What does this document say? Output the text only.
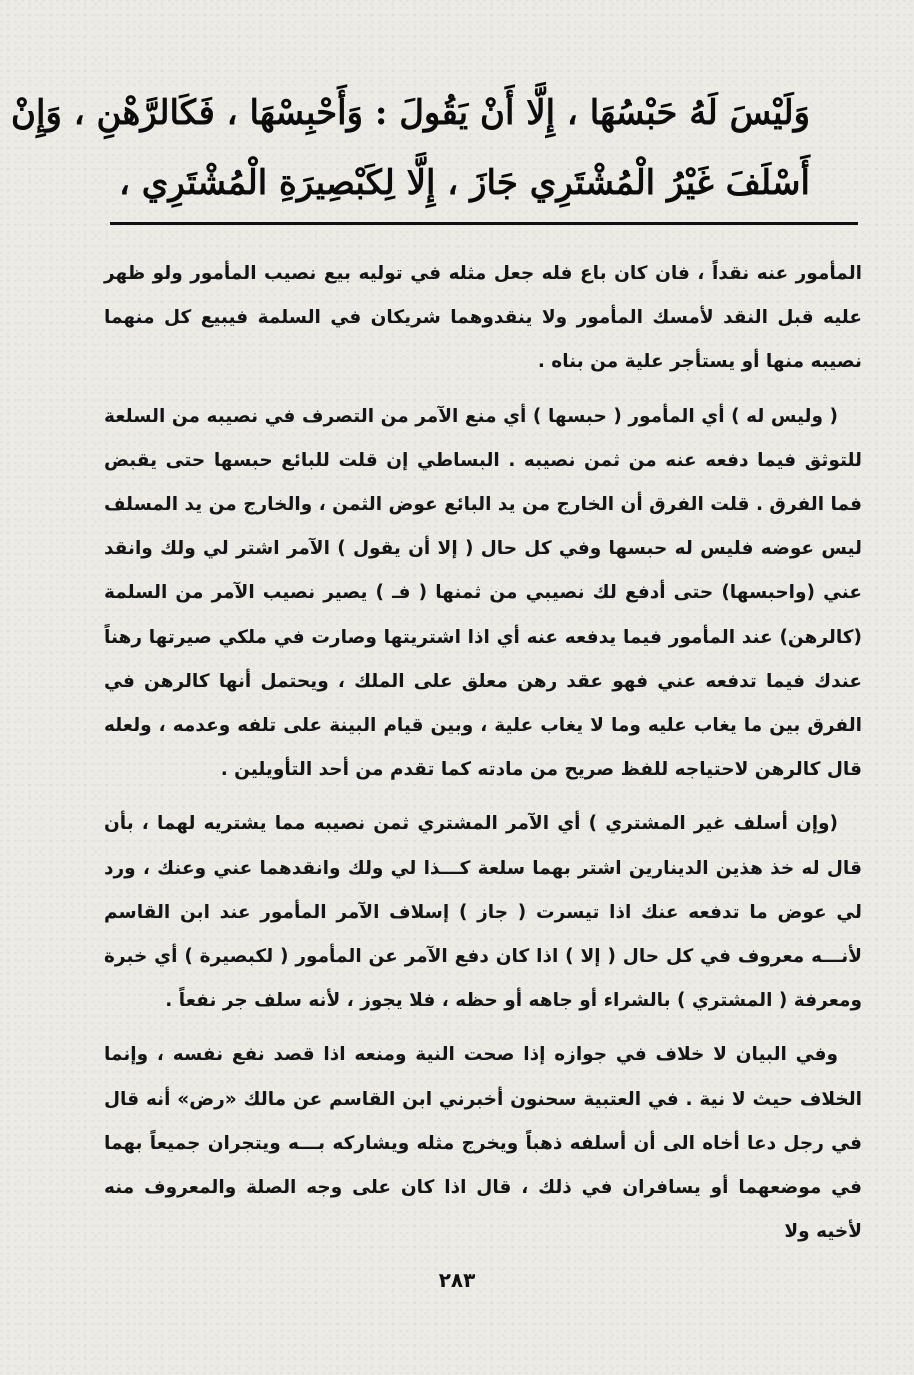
وَلَيْسَ لَهُ حَبْسُهَا ، إِلَّا أَنْ يَقُولَ : وَأَحْبِسْهَا ، فَكَالرَّهْنِ ، وَإِنْ
أَسْلَفَ غَيْرُ الْمُشْتَرِي جَازَ ، إِلَّا لِكَبْصِيرَةِ الْمُشْتَرِي ،

المأمور عنه نقداً ، فان كان باع فله جعل مثله في توليه بيع نصيب المأمور ولو ظهر عليه قبل النقد لأمسك المأمور ولا ينقدوهما شريكان في السلمة فيبيع كل منهما نصيبه منها أو يستأجر علية من بناه .

( وليس له ) أي المأمور ( حبسها ) أي منع الآمر من التصرف في نصيبه من السلعة للتوثق فيما دفعه عنه من ثمن نصيبه . البساطي إن قلت للبائع حبسها حتى يقبض فما الفرق . قلت الفرق أن الخارج من يد البائع عوض الثمن ، والخارج من يد المسلف ليس عوضه فليس له حبسها وفي كل حال ( إلا أن يقول ) الآمر اشتر لي ولك وانقد عني (واحبسها) حتى أدفع لك نصيبي من ثمنها ( فـ ) يصير نصيب الآمر من السلمة (كالرهن) عند المأمور فيما يدفعه عنه أي اذا اشتريتها وصارت في ملكي صيرتها رهناً عندك فيما تدفعه عني فهو عقد رهن معلق على الملك ، ويحتمل أنها كالرهن في الفرق بين ما يغاب عليه وما لا يغاب علية ، وبين قيام البينة على تلفه وعدمه ، ولعله قال كالرهن لاحتياجه للفظ صريح من مادته كما تقدم من أحد التأويلين .

(وإن أسلف غير المشتري ) أي الآمر المشتري ثمن نصيبه مما يشتريه لهما ، بأن قال له خذ هذين الدينارين اشتر بهما سلعة كـــذا لي ولك وانقدهما عني وعنك ، ورد لي عوض ما تدفعه عنك اذا تيسرت ( جاز ) إسلاف الآمر المأمور عند ابن القاسم لأنـــه معروف في كل حال ( إلا ) اذا كان دفع الآمر عن المأمور ( لكبصيرة ) أي خبرة ومعرفة ( المشتري ) بالشراء أو جاهه أو حظه ، فلا يجوز ، لأنه سلف جر نفعاً .

وفي البيان لا خلاف في جوازه إذا صحت النية ومنعه اذا قصد نفع نفسه ، وإنما الخلاف حيث لا نية . في العتبية سحنون أخبرني ابن القاسم عن مالك «رض» أنه قال في رجل دعا أخاه الى أن أسلفه ذهباً ويخرج مثله ويشاركه بـــه ويتجران جميعاً بهما في موضعهما أو يسافران في ذلك ، قال اذا كان على وجه الصلة والمعروف منه لأخيه ولا

٢٨٣
